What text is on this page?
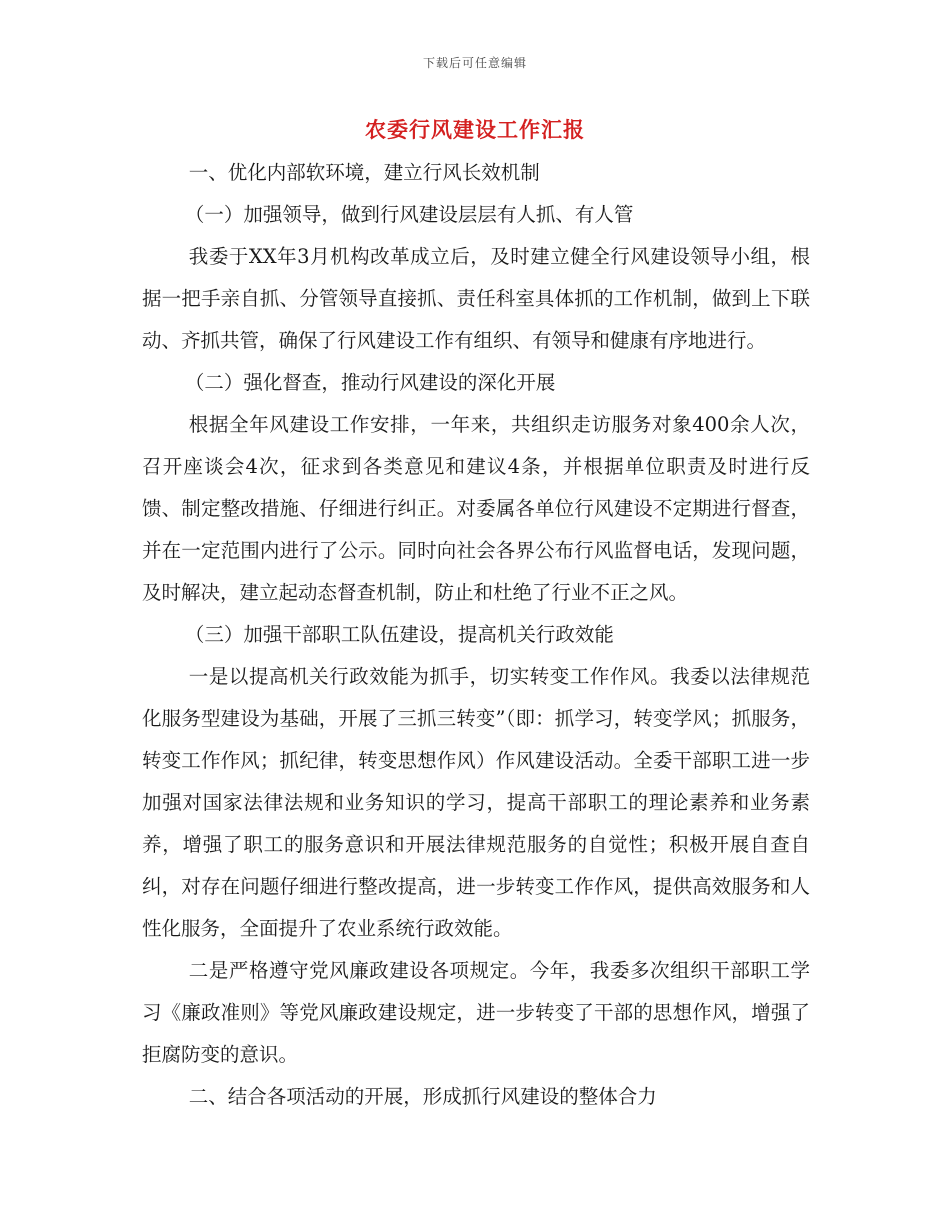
下载后可任意编辑
农委行风建设工作汇报

一、优化内部软环境，建立行风长效机制

（一）加强领导，做到行风建设层层有人抓、有人管

我委于XX年3月机构改革成立后，及时建立健全行风建设领导小组，根据一把手亲自抓、分管领导直接抓、责任科室具体抓的工作机制，做到上下联动、齐抓共管，确保了行风建设工作有组织、有领导和健康有序地进行。

（二）强化督查，推动行风建设的深化开展

根据全年风建设工作安排，一年来，共组织走访服务对象400余人次，召开座谈会4次，征求到各类意见和建议4条，并根据单位职责及时进行反馈、制定整改措施、仔细进行纠正。对委属各单位行风建设不定期进行督查，并在一定范围内进行了公示。同时向社会各界公布行风监督电话，发现问题，及时解决，建立起动态督查机制，防止和杜绝了行业不正之风。

（三）加强干部职工队伍建设，提高机关行政效能

一是以提高机关行政效能为抓手，切实转变工作作风。我委以法律规范化服务型建设为基础，开展了三抓三转变”（即：抓学习，转变学风；抓服务，转变工作作风；抓纪律，转变思想作风）作风建设活动。全委干部职工进一步加强对国家法律法规和业务知识的学习，提高干部职工的理论素养和业务素养，增强了职工的服务意识和开展法律规范服务的自觉性；积极开展自查自纠，对存在问题仔细进行整改提高，进一步转变工作作风，提供高效服务和人性化服务，全面提升了农业系统行政效能。

二是严格遵守党风廉政建设各项规定。今年，我委多次组织干部职工学习《廉政准则》等党风廉政建设规定，进一步转变了干部的思想作风，增强了拒腐防变的意识。

二、结合各项活动的开展，形成抓行风建设的整体合力
